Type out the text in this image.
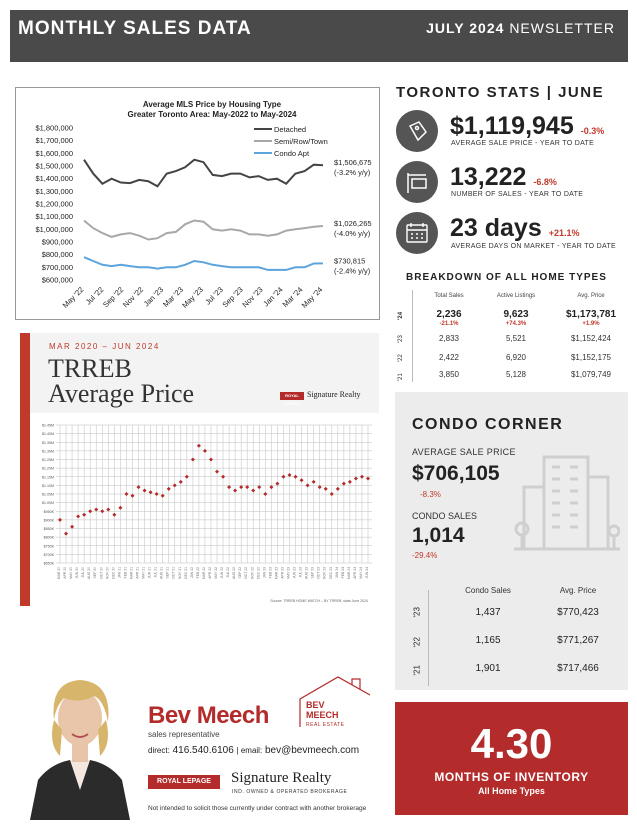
MONTHLY SALES DATA	JULY 2024 NEWSLETTER
Average MLS Price by Housing Type
Greater Toronto Area: May-2022 to May-2024
$1,800,000
$1,700,000
$1,600,000
$1,500,000
$1,400,000
$1,300,000
$1,200,000
$1,100,000
$1,000,000
$900,000
$800,000
$700,000
$600,000
May '22
Jul '22
Sep '22
Nov '22
Jan '23
Mar '23
May '23
Jul '23
Sep '23
Nov '23
Jan '24
Mar '24
May '24
Detached
Semi/Row/Town
Condo Apt
$1,506,675
(-3.2% y/y)
$1,026,265
(-4.0% y/y)
$730,815
(-2.4% y/y)
TORONTO STATS | JUNE
$1,119,945 -0.3%
AVERAGE SALE PRICE - YEAR TO DATE
13,222 -6.8%
NUMBER OF SALES - YEAR TO DATE
23 days +21.1%
AVERAGE DAYS ON MARKET - YEAR TO DATE
BREAKDOWN OF ALL HOME TYPES
Total Sales	Active Listings	Avg. Price
'24	2,236	9,623	$1,173,781
-21.1%	+74.3%	+1.9%
'23	2,833	5,521	$1,152,424
'22	2,422	6,920	$1,152,175
'21	3,850	5,128	$1,079,749
MAR 2020 – JUN 2024
TRREB
Average Price	ROYAL LEPAGE
Signature Realty
$1.45M
$1.40M
$1.35M
$1.30M
$1.25M
$1.20M
$1.15M
$1.10M
$1.05M
$1.00M
$950K
$900K
$850K
$800K
$750K
$700K
$650K
MAR 20 APR 20 MAY 20 JUN 20 JUL 20 AUG 20 SEP 20 OCT 20 NOV 20 DEC 20 JAN 21 FEB 21 MAR 21 APR 21 MAY 21 JUN 21 JUL 21 AUG 21 SEP 21 OCT 21 NOV 21 DEC 21 JAN 22 FEB 22 MAR 22 APR 22 MAY 22 JUN 22 JUL 22 AUG 22 SEP 22 OCT 22 NOV 22 DEC 22 JAN 23 FEB 23 MAR 23 APR 23 MAY 23 JUN 23 JUL 23 AUG 23 SEP 23 OCT 23 NOV 23 DEC 23 JAN 24 FEB 24 MAR 24 APR 24 MAY 24 JUN 24
Source: TRREB HOME WATCH – BY TRREB, stats June 2024
CONDO CORNER
AVERAGE SALE PRICE
$706,105
-8.3%
CONDO SALES
1,014
-29.4%
Condo Sales	Avg. Price
'23	1,437	$770,423
'22	1,165	$771,267
'21	1,901	$717,466
4.30
MONTHS OF INVENTORY
All Home Types
Bev Meech
sales representative
direct: 416.540.6106 | email: bev@bevmeech.com
BEV
MEECH
REAL ESTATE
ROYAL LEPAGE	Signature Realty
IND. OWNED & OPERATED BROKERAGE
Not intended to solicit those currently under contract with another brokerage
